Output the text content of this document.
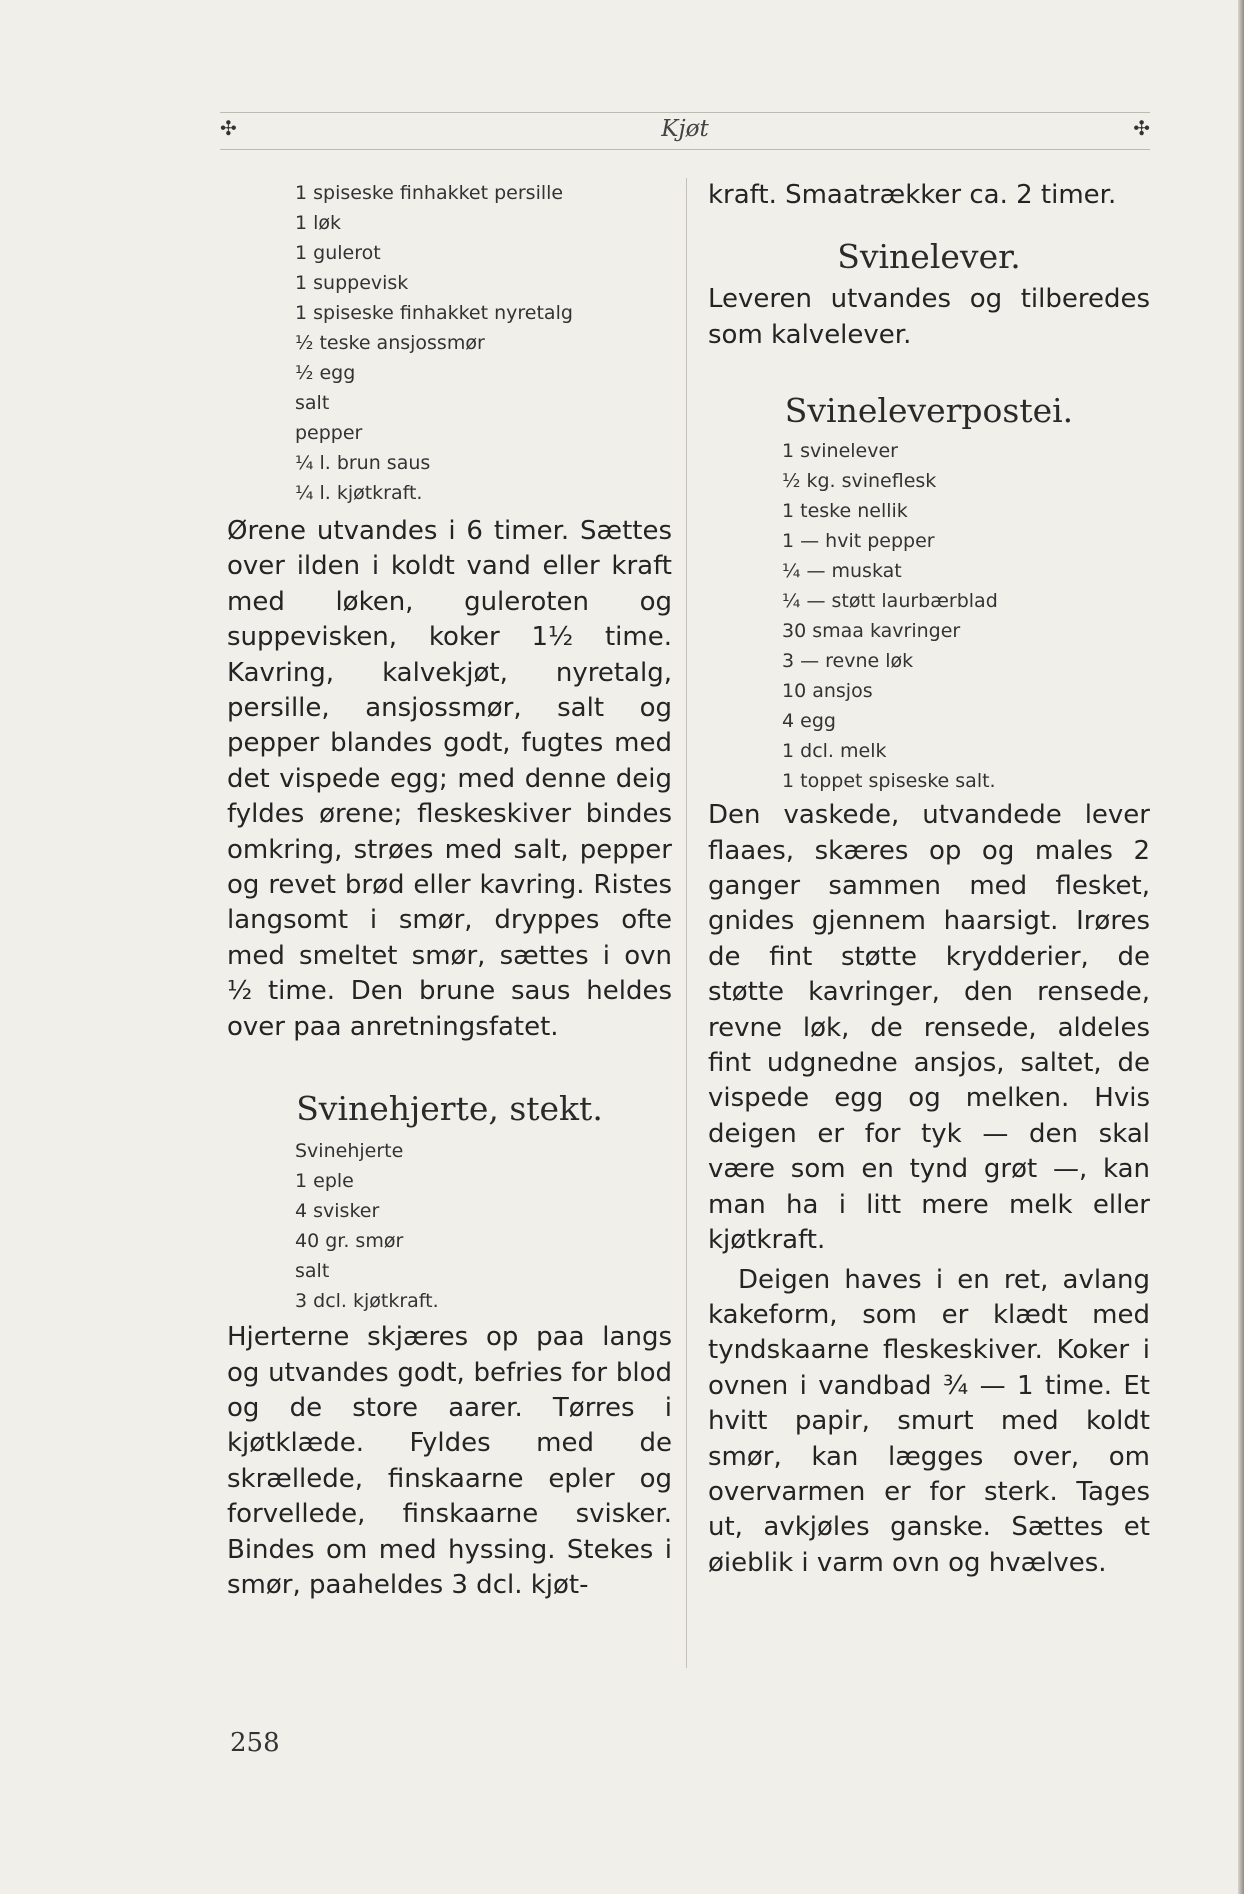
✣	Kjøt	✣
1 spiseske finhakket persille
1 løk
1 gulerot
1 suppevisk
1 spiseske finhakket nyretalg
½ teske ansjossmør
½ egg
salt
pepper
¼ l. brun saus
¼ l. kjøtkraft.

Ørene utvandes i 6 timer. Sættes over ilden i koldt vand eller kraft med løken, guleroten og suppevisken, koker 1½ time. Kavring, kalvekjøt, nyretalg, persille, ansjossmør, salt og pepper blandes godt, fugtes med det vispede egg; med denne deig fyldes ørene; fleskeskiver bindes omkring, strøes med salt, pepper og revet brød eller kavring. Ristes langsomt i smør, dryppes ofte med smeltet smør, sættes i ovn ½ time. Den brune saus heldes over paa anretningsfatet.

Svinehjerte, stekt.
Svinehjerte
1 eple
4 svisker
40 gr. smør
salt
3 dcl. kjøtkraft.

Hjerterne skjæres op paa langs og utvandes godt, befries for blod og de store aarer. Tørres i kjøtklæde. Fyldes med de skrællede, finskaarne epler og forvellede, finskaarne svisker. Bindes om med hyssing. Stekes i smør, paaheldes 3 dcl. kjøt-

kraft. Smaatrækker ca. 2 timer.

Svinelever.

Leveren utvandes og tilberedes som kalvelever.

Svineleverpostei.
1 svinelever
½ kg. svineflesk
1 teske nellik
1 — hvit pepper
¼ — muskat
¼ — støtt laurbærblad
30 smaa kavringer
3 — revne løk
10 ansjos
4 egg
1 dcl. melk
1 toppet spiseske salt.

Den vaskede, utvandede lever flaaes, skæres op og males 2 ganger sammen med flesket, gnides gjennem haarsigt. Irøres de fint støtte krydderier, de støtte kavringer, den rensede, revne løk, de rensede, aldeles fint udgnedne ansjos, saltet, de vispede egg og melken. Hvis deigen er for tyk — den skal være som en tynd grøt —, kan man ha i litt mere melk eller kjøtkraft.

Deigen haves i en ret, avlang kakeform, som er klædt med tyndskaarne fleskeskiver. Koker i ovnen i vandbad ¾ — 1 time. Et hvitt papir, smurt med koldt smør, kan lægges over, om overvarmen er for sterk. Tages ut, avkjøles ganske. Sættes et øieblik i varm ovn og hvælves.

258
